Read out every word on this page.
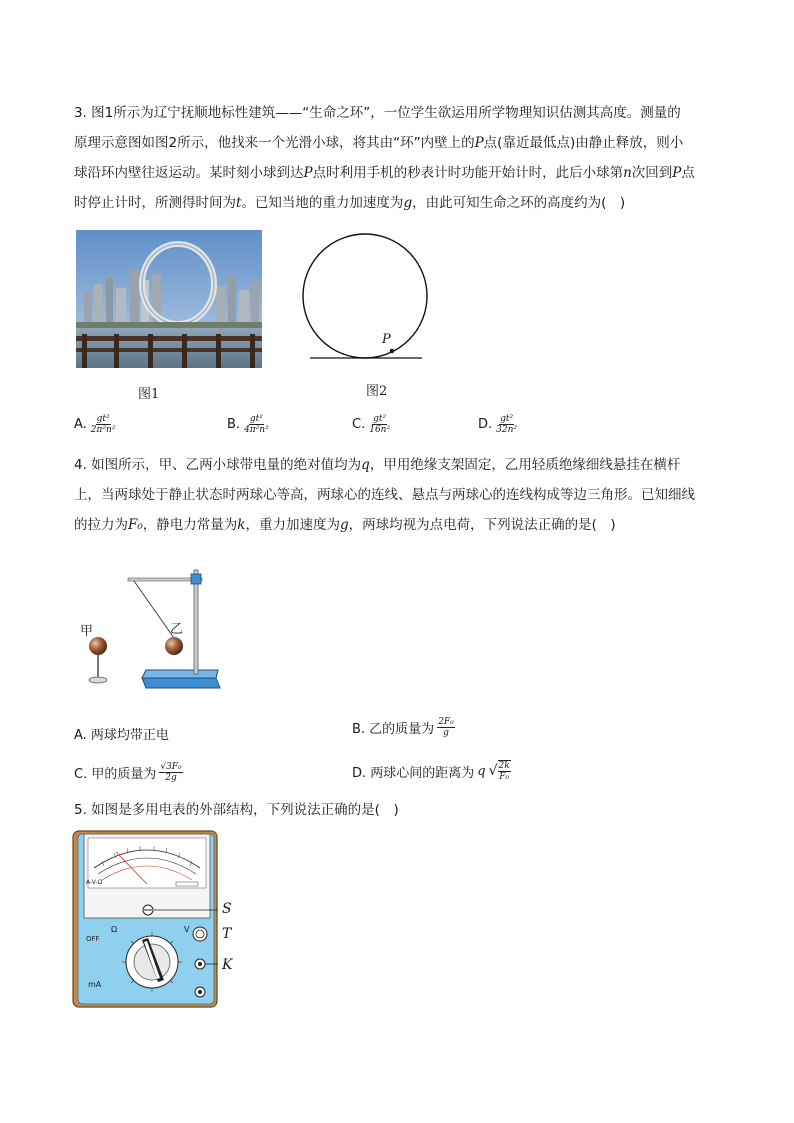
3. 图1所示为辽宁抚顺地标性建筑——“生命之环”，一位学生欲运用所学物理知识估测其高度。测量的
原理示意图如图2所示，他找来一个光滑小球，将其由“环”内壁上的P点(靠近最低点)由静止释放，则小
球沿环内壁往返运动。某时刻小球到达P点时利用手机的秒表计时功能开始计时，此后小球第n次回到P点
时停止计时，所测得时间为t。已知当地的重力加速度为g，由此可知生命之环的高度约为(　)
图1
P
图2
A. $\frac{\text{gt²}}{\text{2π²n²}}$	B. $\frac{\text{gt²}}{\text{4π²n²}}$	C. $\frac{\text{gt²}}{\text{16n²}}$	D. $\frac{\text{gt²}}{\text{32n²}}$
4. 如图所示，甲、乙两小球带电量的绝对值均为q，甲用绝缘支架固定，乙用轻质绝缘细线悬挂在横杆
上，当两球处于静止状态时两球心等高，两球心的连线、悬点与两球心的连线构成等边三角形。已知细线
的拉力为F₀，静电力常量为k，重力加速度为g，两球均视为点电荷，下列说法正确的是(　)
甲	乙
A. 两球均带正电	B. 乙的质量为 $\frac{\text{2F₀}}{g}$
C. 甲的质量为 $\frac{\text{√3F₀}}{2g}$	D. 两球心间的距离为 q √ $\frac{2k}{\text{F₀}}$
5. 如图是多用电表的外部结构，下列说法正确的是(　)
A-V-Ω
OFF
Ω
mA
V
S
T
K
